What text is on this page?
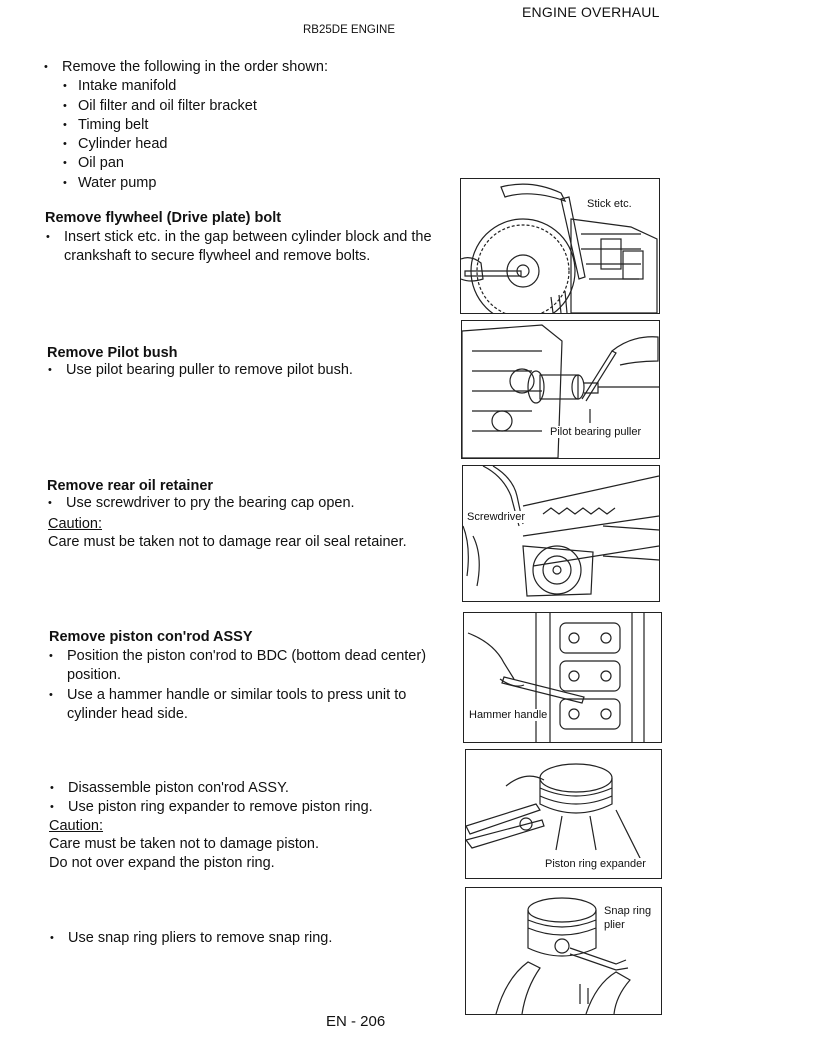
ENGINE OVERHAUL
RB25DE ENGINE
• Remove the following in the order shown:
• Intake manifold
• Oil filter and oil filter bracket
• Timing belt
• Cylinder head
• Oil pan
• Water pump
Remove flywheel (Drive plate) bolt
• Insert stick etc. in the gap between cylinder block and the crankshaft to secure flywheel and remove bolts.
Remove Pilot bush
• Use pilot bearing puller to remove pilot bush.
Remove rear oil retainer
• Use screwdriver to pry the bearing cap open.
Caution:
Care must be taken not to damage rear oil seal retainer.
Remove piston con'rod ASSY
• Position the piston con'rod to BDC (bottom dead center) position.
• Use a hammer handle or similar tools to press unit to cylinder head side.
• Disassemble piston con'rod ASSY.
• Use piston ring expander to remove piston ring.
Caution:
Care must be taken not to damage piston.
Do not over expand the piston ring.
• Use snap ring pliers to remove snap ring.
Stick etc.
Pilot bearing puller
Screwdriver
Hammer handle
Piston ring expander
Snap ring
plier
EN - 206
